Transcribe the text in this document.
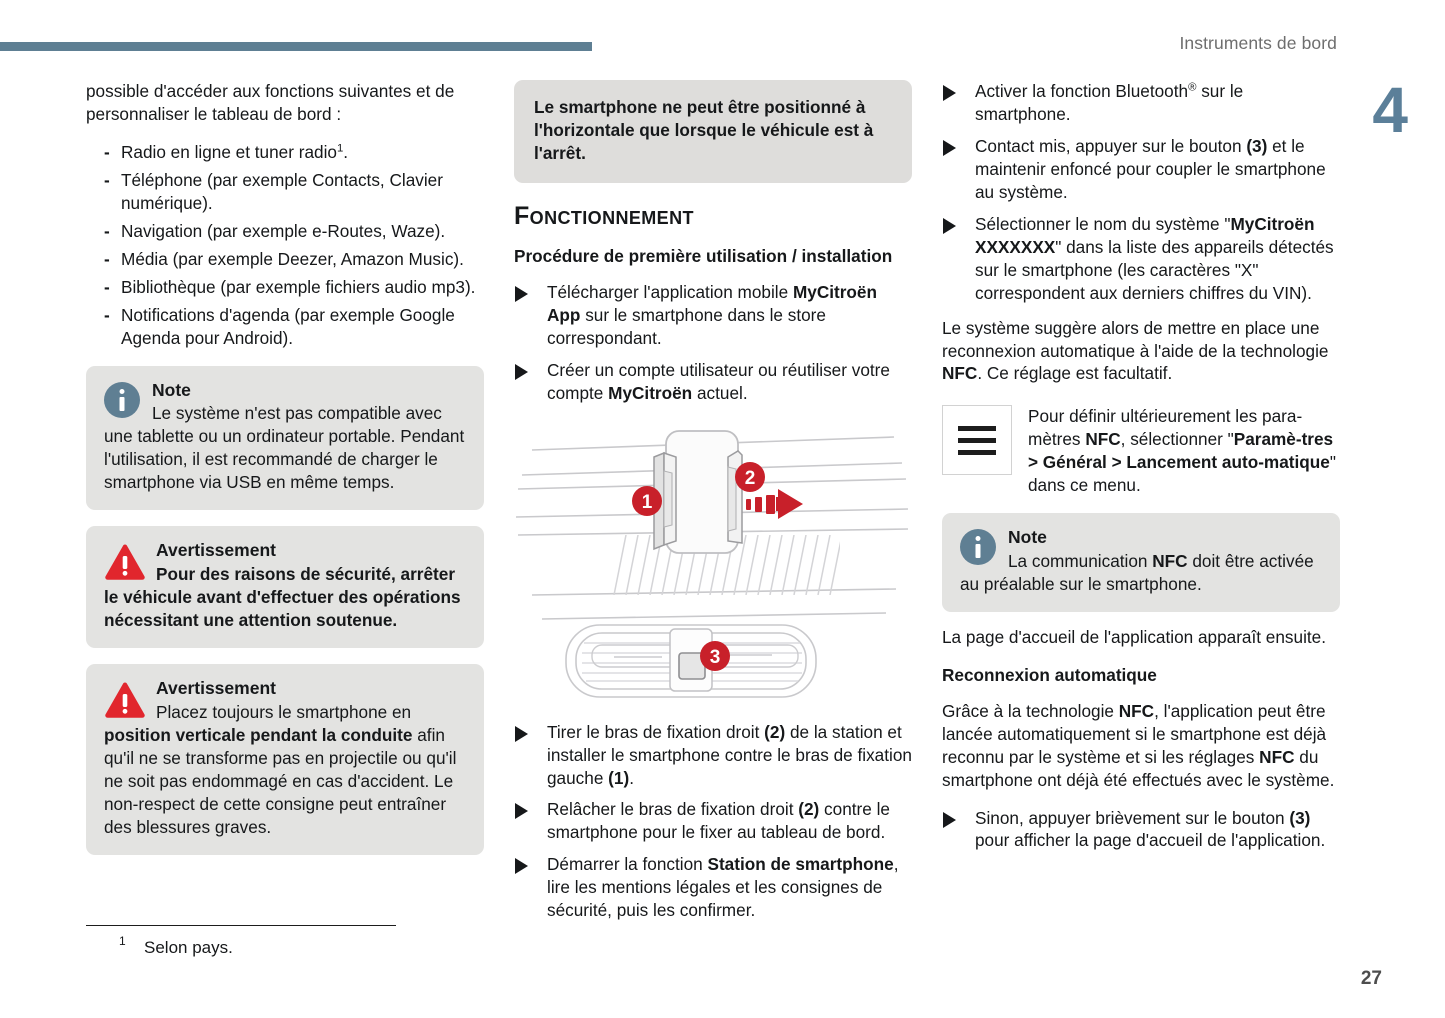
Instruments de bord
4
27

possible d'accéder aux fonctions suivantes et de personnaliser le tableau de bord :

- Radio en ligne et tuner radio$^1$.
- Téléphone (par exemple Contacts, Clavier numérique).
- Navigation (par exemple e-Routes, Waze).
- Média (par exemple Deezer, Amazon Music).
- Bibliothèque (par exemple fichiers audio mp3).
- Notifications d'agenda (par exemple Google Agenda pour Android).
Note
Le système n'est pas compatible avec une tablette ou un ordinateur portable. Pendant l'utilisation, il est recommandé de charger le smartphone via USB en même temps.
Avertissement
Pour des raisons de sécurité, arrêter le véhicule avant d'effectuer des opérations nécessitant une attention soutenue.
Avertissement
Placez toujours le smartphone en position verticale pendant la conduite afin qu'il ne se transforme pas en projectile ou qu'il ne soit pas endommagé en cas d'accident. Le non-respect de cette consigne peut entraîner des blessures graves.
1 Selon pays.

Le smartphone ne peut être positionné à l'horizontale que lorsque le véhicule est à l'arrêt.

Fonctionnement
Procédure de première utilisation / installation
Télécharger l'application mobile MyCitroën App sur le smartphone dans le store correspondant.
Créer un compte utilisateur ou réutiliser votre compte MyCitroën actuel.
1
2
3
Tirer le bras de fixation droit (2) de la station et installer le smartphone contre le bras de fixation gauche (1).
Relâcher le bras de fixation droit (2) contre le smartphone pour le fixer au tableau de bord.
Démarrer la fonction Station de smartphone, lire les mentions légales et les consignes de sécurité, puis les confirmer.
Activer la fonction Bluetooth® sur le smartphone.
Contact mis, appuyer sur le bouton (3) et le maintenir enfoncé pour coupler le smartphone au système.
Sélectionner le nom du système "MyCitroën XXXXXXX" dans la liste des appareils détectés sur le smartphone (les caractères "X" correspondent aux derniers chiffres du VIN).

Le système suggère alors de mettre en place une reconnexion automatique à l'aide de la technologie NFC. Ce réglage est facultatif.

Pour définir ultérieurement les para-mètres NFC, sélectionner "Paramè-tres > Général > Lancement auto-matique" dans ce menu.
Note
La communication NFC doit être activée au préalable sur le smartphone.

La page d'accueil de l'application apparaît ensuite.

Reconnexion automatique

Grâce à la technologie NFC, l'application peut être lancée automatiquement si le smartphone est déjà reconnu par le système et si les réglages NFC du smartphone ont déjà été effectués avec le système.

Sinon, appuyer brièvement sur le bouton (3) pour afficher la page d'accueil de l'application.
